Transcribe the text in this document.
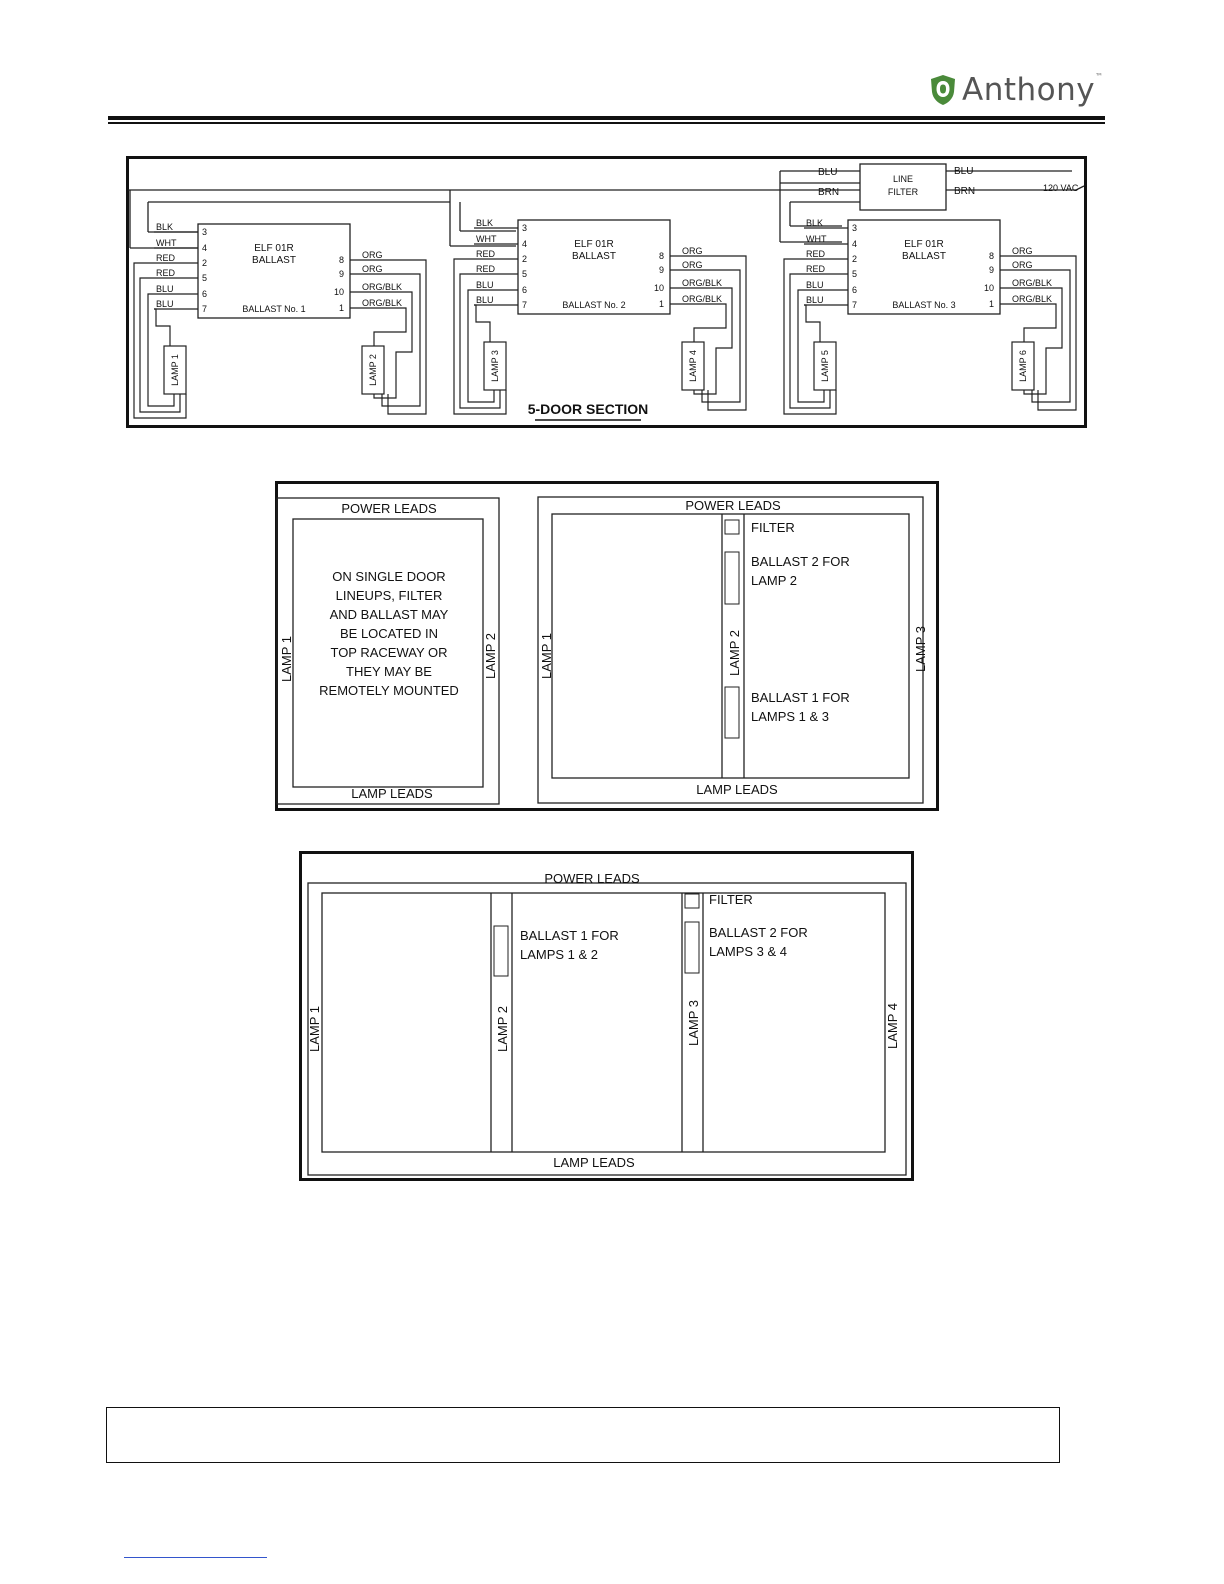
Anthony™
LINE
FILTER
BLU
BRN
BLU
BRN	120 VAC
ELF 01R
BALLAST
BALLAST No. 1
BLK	3
WHT	4
RED	2
RED	5
BLU	6
BLU	7
8 ORG
9 ORG
10 ORG/BLK
1 ORG/BLK
LAMP 1	LAMP 2
ELF 01R
BALLAST
BALLAST No. 2
BLK	3
WHT	4
RED	2
RED	5
BLU	6
BLU	7
8 ORG
9 ORG
10 ORG/BLK
1 ORG/BLK
LAMP 3	LAMP 4
ELF 01R
BALLAST
BALLAST No. 3
BLK	3
WHT	4
RED	2
RED	5
BLU	6
BLU	7
8 ORG
9 ORG
10 ORG/BLK
1 ORG/BLK
LAMP 5	LAMP 6
5-DOOR SECTION
POWER LEADS
LAMP LEADS
LAMP 1	LAMP 2
ON SINGLE DOOR
LINEUPS, FILTER
AND BALLAST MAY
BE LOCATED IN
TOP RACEWAY OR
THEY MAY BE
REMOTELY MOUNTED
POWER LEADS
LAMP LEADS
LAMP 1	LAMP 2	LAMP 3
FILTER
BALLAST 2 FOR
LAMP 2
BALLAST 1 FOR
LAMPS 1 & 3
POWER LEADS
LAMP LEADS
LAMP 1	LAMP 2	LAMP 3	LAMP 4
BALLAST 1 FOR
LAMPS 1 & 2
FILTER
BALLAST 2 FOR
LAMPS 3 & 4
